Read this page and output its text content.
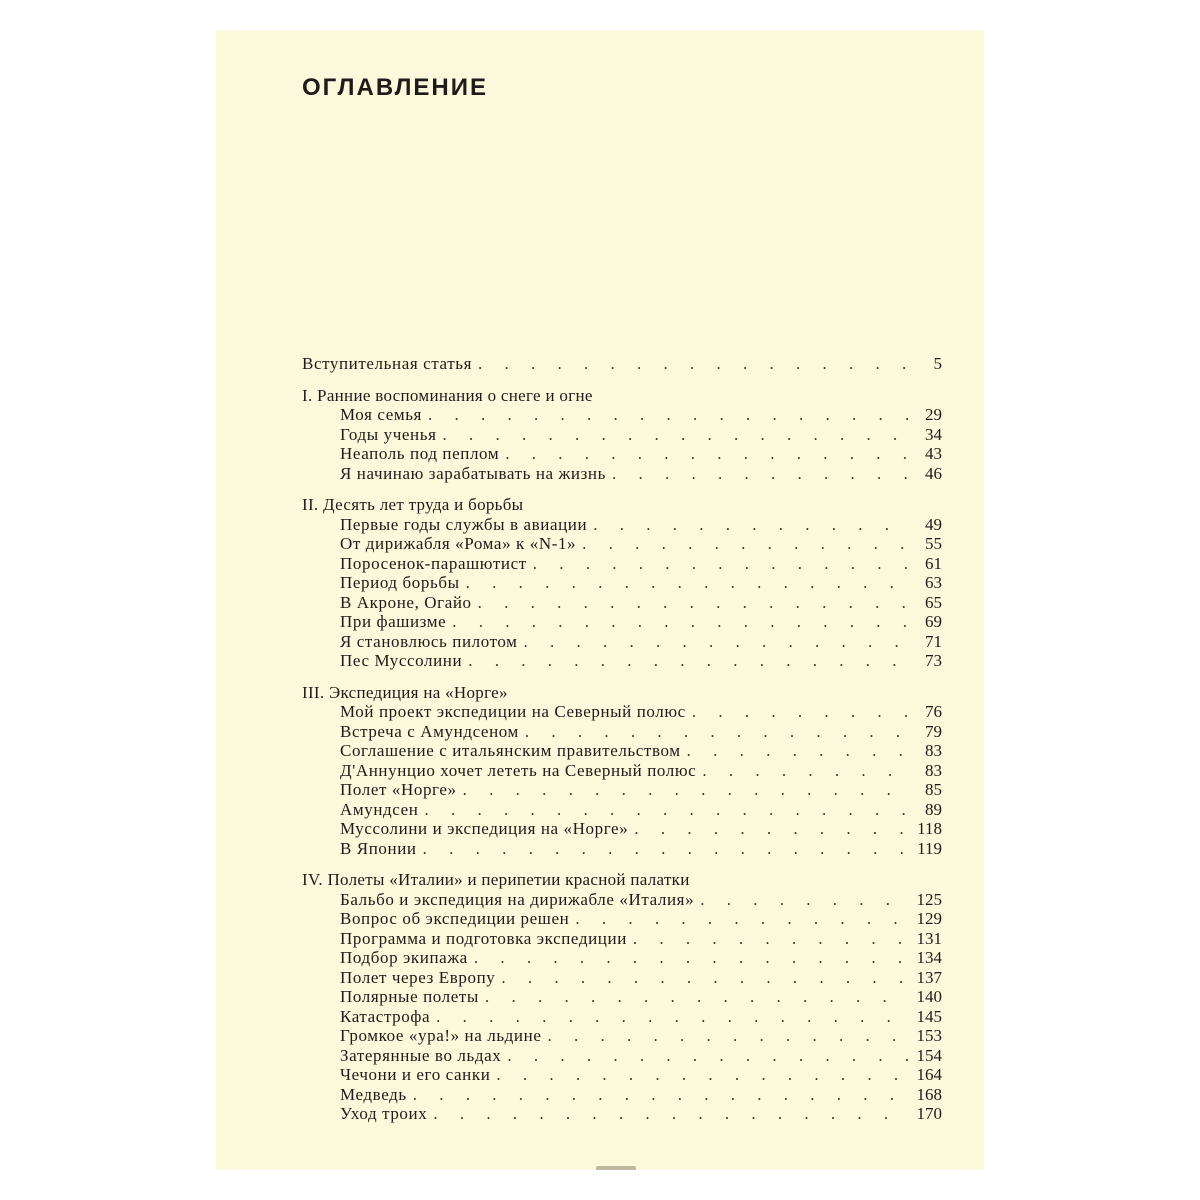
ОГЛАВЛЕНИЕ
Вступительная статья . . .	5
I. Ранние воспоминания о снеге и огне
Моя семья . . .	29
Годы ученья . . .	34
Неаполь под пеплом . . .	43
Я начинаю зарабатывать на жизнь . . .	46
II. Десять лет труда и борьбы
Первые годы службы в авиации . . .	49
От дирижабля «Рома» к «N-1» . . .	55
Поросенок-парашютист . . .	61
Период борьбы . . .	63
В Акроне, Огайо . . .	65
При фашизме . . .	69
Я становлюсь пилотом . . .	71
Пес Муссолини . . .	73
III. Экспедиция на «Норге»
Мой проект экспедиции на Северный полюс . . .	76
Встреча с Амундсеном . . .	79
Соглашение с итальянским правительством . . .	83
Д'Аннунцио хочет лететь на Северный полюс . . .	83
Полет «Норге» . . .	85
Амундсен . . .	89
Муссолини и экспедиция на «Норге» . . .	118
В Японии . . .	119
IV. Полеты «Италии» и перипетии красной палатки
Бальбо и экспедиция на дирижабле «Италия» . . .	125
Вопрос об экспедиции решен . . .	129
Программа и подготовка экспедиции . . .	131
Подбор экипажа . . .	134
Полет через Европу . . .	137
Полярные полеты . . .	140
Катастрофа . . .	145
Громкое «ура!» на льдине . . .	153
Затерянные во льдах . . .	154
Чечони и его санки . . .	164
Медведь . . .	168
Уход троих . . .	170
